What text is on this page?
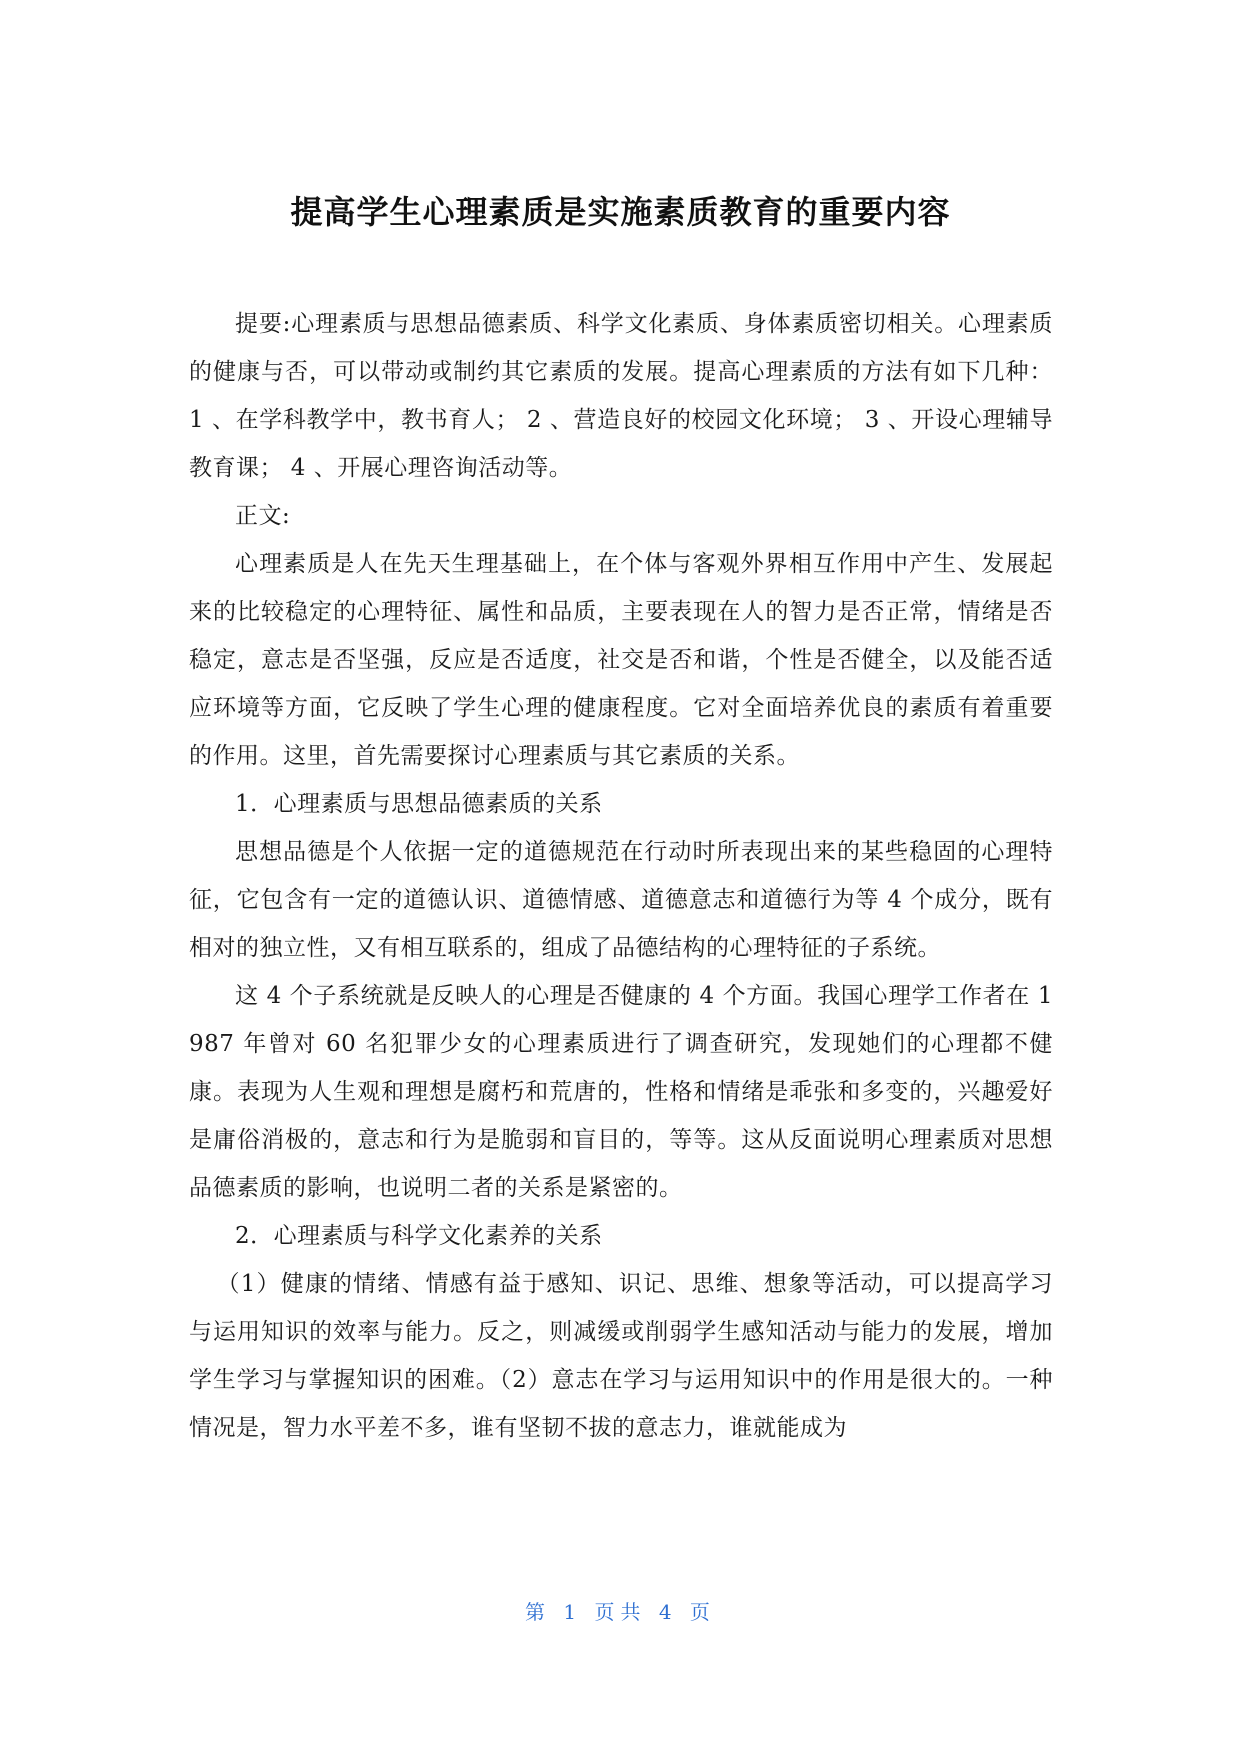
提高学生心理素质是实施素质教育的重要内容

提要:心理素质与思想品德素质、科学文化素质、身体素质密切相关。心理素质的健康与否，可以带动或制约其它素质的发展。提高心理素质的方法有如下几种： 1 、在学科教学中，教书育人； 2 、营造良好的校园文化环境； 3 、开设心理辅导教育课； 4 、开展心理咨询活动等。

正文:

心理素质是人在先天生理基础上，在个体与客观外界相互作用中产生、发展起来的比较稳定的心理特征、属性和品质，主要表现在人的智力是否正常，情绪是否稳定，意志是否坚强，反应是否适度，社交是否和谐，个性是否健全，以及能否适应环境等方面，它反映了学生心理的健康程度。它对全面培养优良的素质有着重要的作用。这里，首先需要探讨心理素质与其它素质的关系。

1．心理素质与思想品德素质的关系

思想品德是个人依据一定的道德规范在行动时所表现出来的某些稳固的心理特征，它包含有一定的道德认识、道德情感、道德意志和道德行为等 4 个成分，既有相对的独立性，又有相互联系的，组成了品德结构的心理特征的子系统。

这 4 个子系统就是反映人的心理是否健康的 4 个方面。我国心理学工作者在 1987 年曾对 60 名犯罪少女的心理素质进行了调查研究，发现她们的心理都不健康。表现为人生观和理想是腐朽和荒唐的，性格和情绪是乖张和多变的，兴趣爱好是庸俗消极的，意志和行为是脆弱和盲目的，等等。这从反面说明心理素质对思想品德素质的影响，也说明二者的关系是紧密的。

2．心理素质与科学文化素养的关系

（1）健康的情绪、情感有益于感知、识记、思维、想象等活动，可以提高学习与运用知识的效率与能力。反之，则减缓或削弱学生感知活动与能力的发展，增加学生学习与掌握知识的困难。（2）意志在学习与运用知识中的作用是很大的。一种情况是，智力水平差不多，谁有坚韧不拔的意志力，谁就能成为

第 1 页共 4 页
